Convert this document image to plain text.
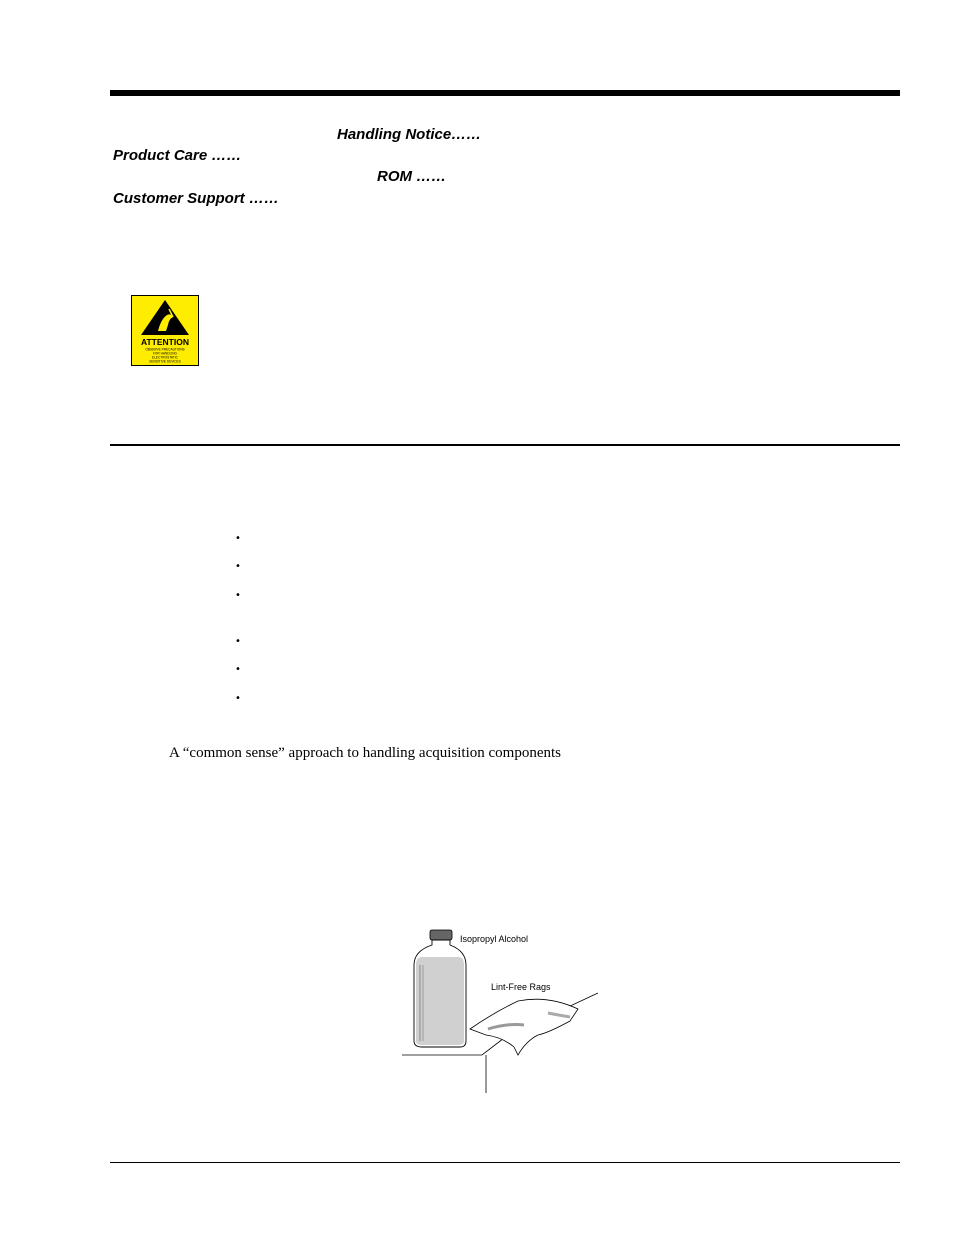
Handling Notice……
Product Care ……
ROM ……
Customer Support ……
ATTENTION
OBSERVE PRECAUTIONS
FOR HANDLING
ELECTROSTATIC
SENSITIVE DEVICES
•
•
•
•
•
•
A “common sense” approach to handling acquisition components
Isopropyl Alcohol
Lint-Free Rags
